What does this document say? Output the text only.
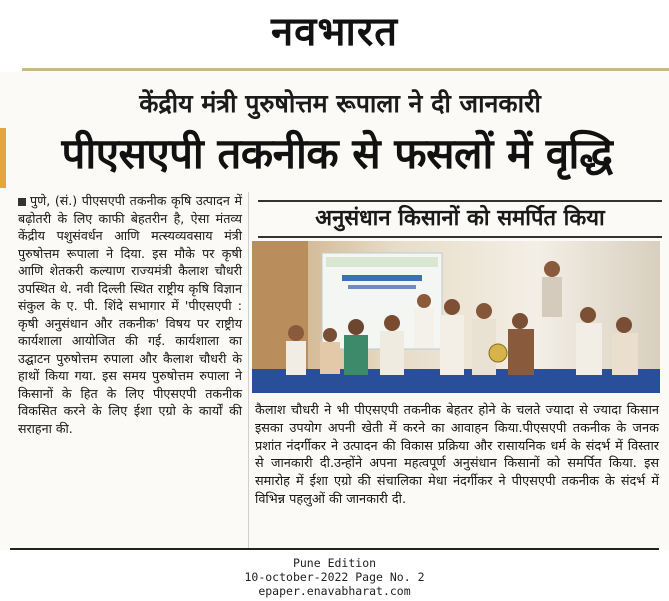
नवभारत
केंद्रीय मंत्री पुरुषोत्तम रूपाला ने दी जानकारी
पीएसएपी तकनीक से फसलों में वृद्धि
पुणे, (सं.) पीएसएपी तकनीक कृषि उत्पादन में बढ़ोतरी के लिए काफी बेहतरीन है, ऐसा मंतव्य केंद्रीय पशुसंवर्धन आणि मत्स्यव्यवसाय मंत्री पुरुषोत्तम रूपाला ने दिया. इस मौके पर कृषी आणि शेतकरी कल्याण राज्यमंत्री कैलाश चौधरी उपस्थित थे. नवी दिल्ली स्थित राष्ट्रीय कृषि विज्ञान संकुल के ए. पी. शिंदे सभागार में 'पीएसएपी : कृषी अनुसंधान और तकनीक' विषय पर राष्ट्रीय कार्यशाला आयोजित की गई. कार्यशाला का उद्घाटन पुरुषोत्तम रुपाला और कैलाश चौधरी के हाथों किया गया. इस समय पुरुषोत्तम रुपाला ने किसानों के हित के लिए पीएसएपी तकनीक विकसित करने के लिए ईशा एग्रो के कार्यों की सराहना की.
अनुसंधान किसानों को समर्पित किया
कैलाश चौधरी ने भी पीएसएपी तकनीक बेहतर होने के चलते ज्यादा से ज्यादा किसान इसका उपयोग अपनी खेती में करने का आवाहन किया.पीएसएपी तकनीक के जनक प्रशांत नंदर्गीकर ने उत्पादन की विकास प्रक्रिया और रासायनिक धर्म के संदर्भ में विस्तार से जानकारी दी.उन्होंने अपना महत्वपूर्ण अनुसंधान किसानों को समर्पित किया. इस समारोह में ईशा एग्रो की संचालिका मेधा नंदर्गीकर ने पीएसएपी तकनीक के संदर्भ में विभिन्न पहलुओं की जानकारी दी.
Pune Edition
10-october-2022 Page No. 2
epaper.enavabharat.com
